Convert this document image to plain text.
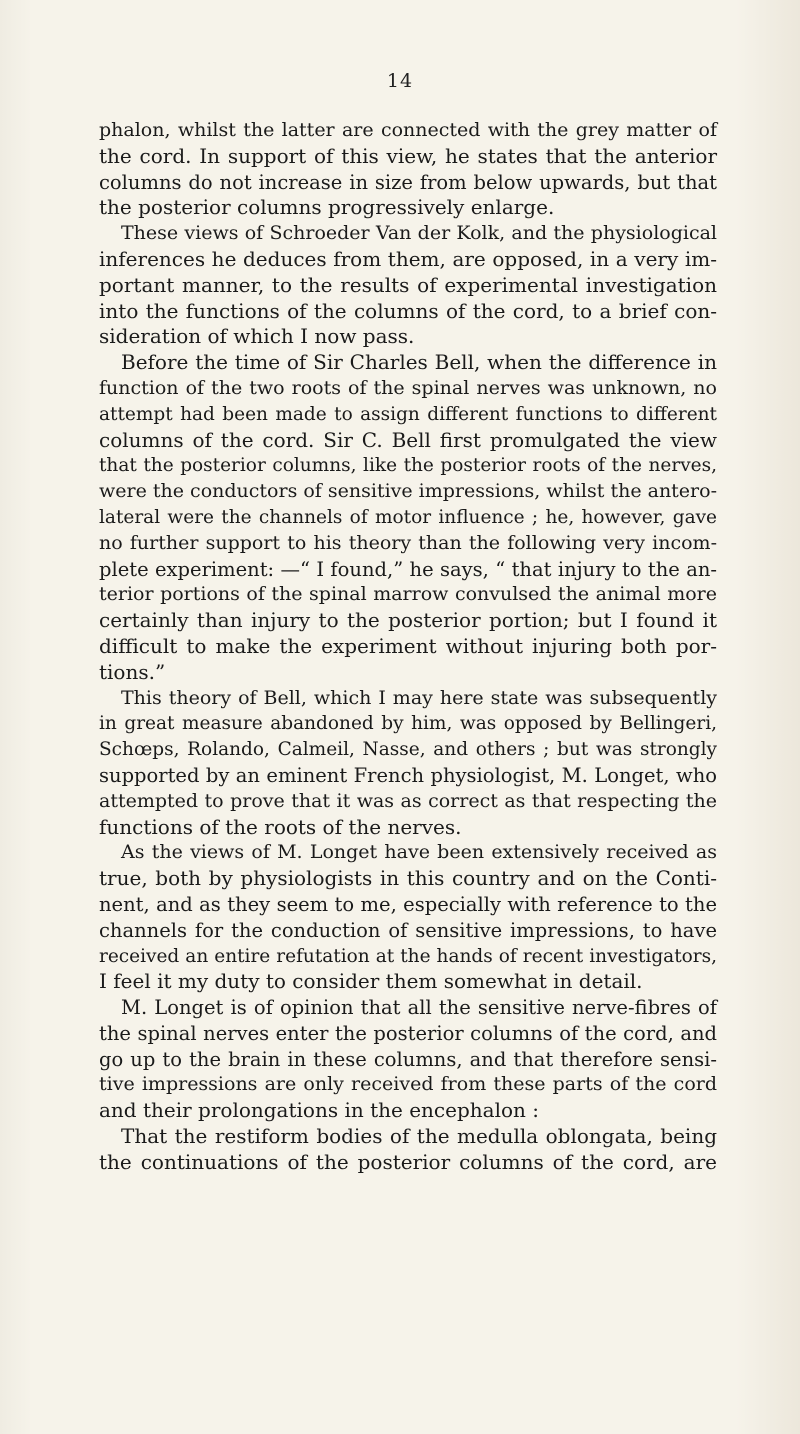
14
phalon, whilst the latter are connected with the grey matter of
the cord. In support of this view, he states that the anterior
columns do not increase in size from below upwards, but that
the posterior columns progressively enlarge.
These views of Schroeder Van der Kolk, and the physiological
inferences he deduces from them, are opposed, in a very im-
portant manner, to the results of experimental investigation
into the functions of the columns of the cord, to a brief con-
sideration of which I now pass.
Before the time of Sir Charles Bell, when the difference in
function of the two roots of the spinal nerves was unknown, no
attempt had been made to assign different functions to different
columns of the cord. Sir C. Bell first promulgated the view
that the posterior columns, like the posterior roots of the nerves,
were the conductors of sensitive impressions, whilst the antero-
lateral were the channels of motor influence ; he, however, gave
no further support to his theory than the following very incom-
plete experiment: —“ I found,” he says, “ that injury to the an-
terior portions of the spinal marrow convulsed the animal more
certainly than injury to the posterior portion; but I found it
difficult to make the experiment without injuring both por-
tions.”
This theory of Bell, which I may here state was subsequently
in great measure abandoned by him, was opposed by Bellingeri,
Schœps, Rolando, Calmeil, Nasse, and others ; but was strongly
supported by an eminent French physiologist, M. Longet, who
attempted to prove that it was as correct as that respecting the
functions of the roots of the nerves.
As the views of M. Longet have been extensively received as
true, both by physiologists in this country and on the Conti-
nent, and as they seem to me, especially with reference to the
channels for the conduction of sensitive impressions, to have
received an entire refutation at the hands of recent investigators,
I feel it my duty to consider them somewhat in detail.
M. Longet is of opinion that all the sensitive nerve-fibres of
the spinal nerves enter the posterior columns of the cord, and
go up to the brain in these columns, and that therefore sensi-
tive impressions are only received from these parts of the cord
and their prolongations in the encephalon :
That the restiform bodies of the medulla oblongata, being
the continuations of the posterior columns of the cord, are
